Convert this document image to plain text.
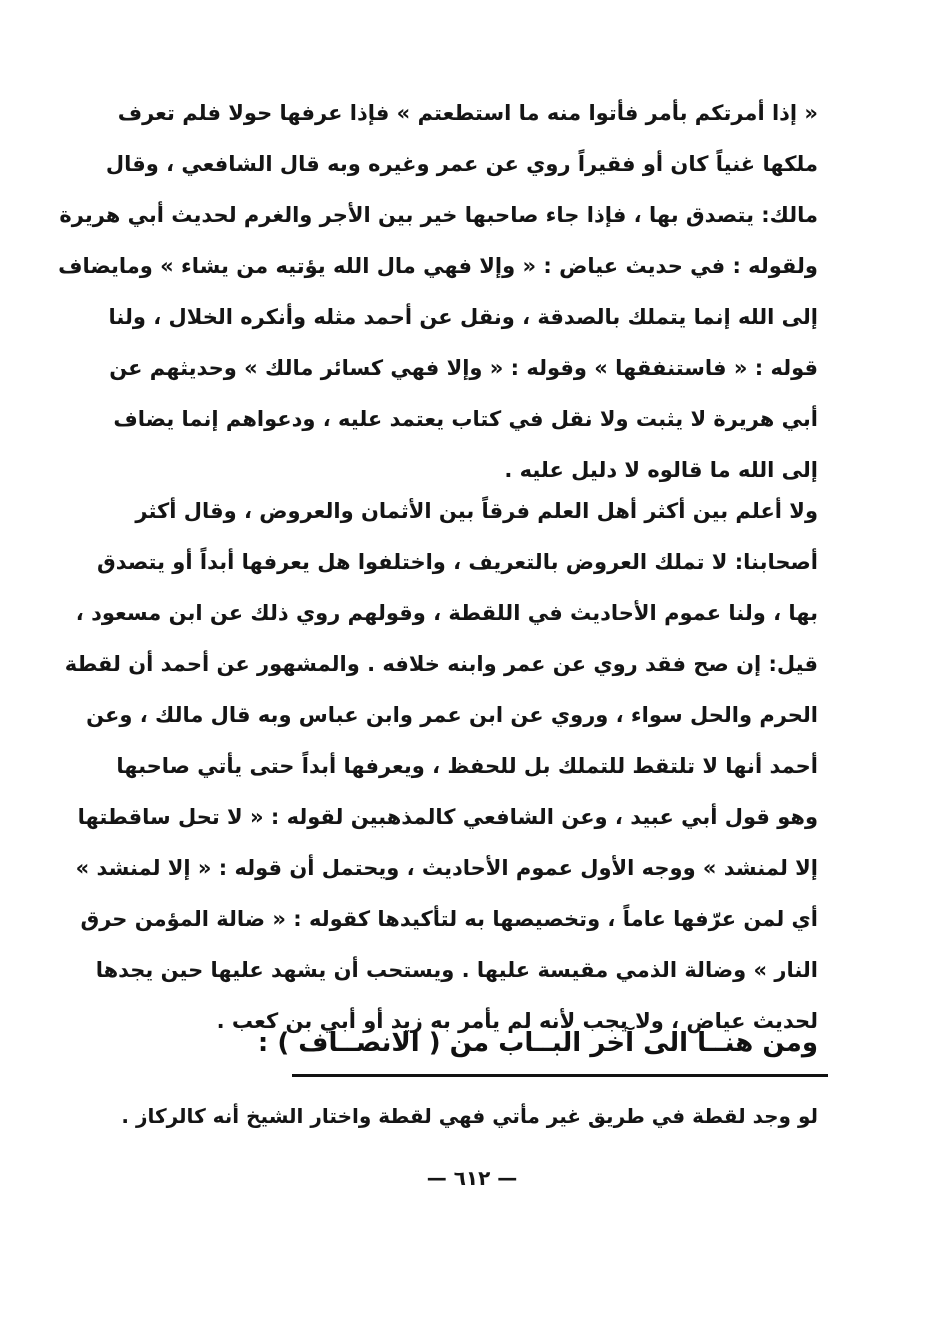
« إذا أمرتكم بأمر فأتوا منه ما استطعتم » فإذا عرفها حولا فلم تعرف
ملكها غنياً كان أو فقيراً روي عن عمر وغيره وبه قال الشافعي ، وقال
مالك: يتصدق بها ، فإذا جاء صاحبها خير بين الأجر والغرم لحديث أبي هريرة
ولقوله : في حديث عياض : « وإلا فهي مال الله يؤتيه من يشاء » ومايضاف
إلى الله إنما يتملك بالصدقة ، ونقل عن أحمد مثله وأنكره الخلال ، ولنا
قوله : « فاستنفقها » وقوله : « وإلا فهي كسائر مالك » وحديثهم عن
أبي هريرة لا يثبت ولا نقل في كتاب يعتمد عليه ، ودعواهم إنما يضاف
إلى الله ما قالوه لا دليل عليه .
ولا أعلم بين أكثر أهل العلم فرقاً بين الأثمان والعروض ، وقال أكثر
أصحابنا: لا تملك العروض بالتعريف ، واختلفوا هل يعرفها أبداً أو يتصدق
بها ، ولنا عموم الأحاديث في اللقطة ، وقولهم روي ذلك عن ابن مسعود ،
قيل: إن صح فقد روي عن عمر وابنه خلافه . والمشهور عن أحمد أن لقطة
الحرم والحل سواء ، وروي عن ابن عمر وابن عباس وبه قال مالك ، وعن
أحمد أنها لا تلتقط للتملك بل للحفظ ، ويعرفها أبداً حتى يأتي صاحبها
وهو قول أبي عبيد ، وعن الشافعي كالمذهبين لقوله : « لا تحل ساقطتها
إلا لمنشد » ووجه الأول عموم الأحاديث ، ويحتمل أن قوله : « إلا لمنشد »
أي لمن عرّفها عاماً ، وتخصيصها به لتأكيدها كقوله : « ضالة المؤمن حرق
النار » وضالة الذمي مقيسة عليها . ويستحب أن يشهد عليها حين يجدها
لحديث عياض ، ولا يجب لأنه لم يأمر به زيد أو أبي بن كعب .
ومن هنــا الى آخر البــاب من ( الانصــاف ) :
لو وجد لقطة في طريق غير مأتي فهي لقطة واختار الشيخ أنه كالركاز .
— ٦١٢ —
